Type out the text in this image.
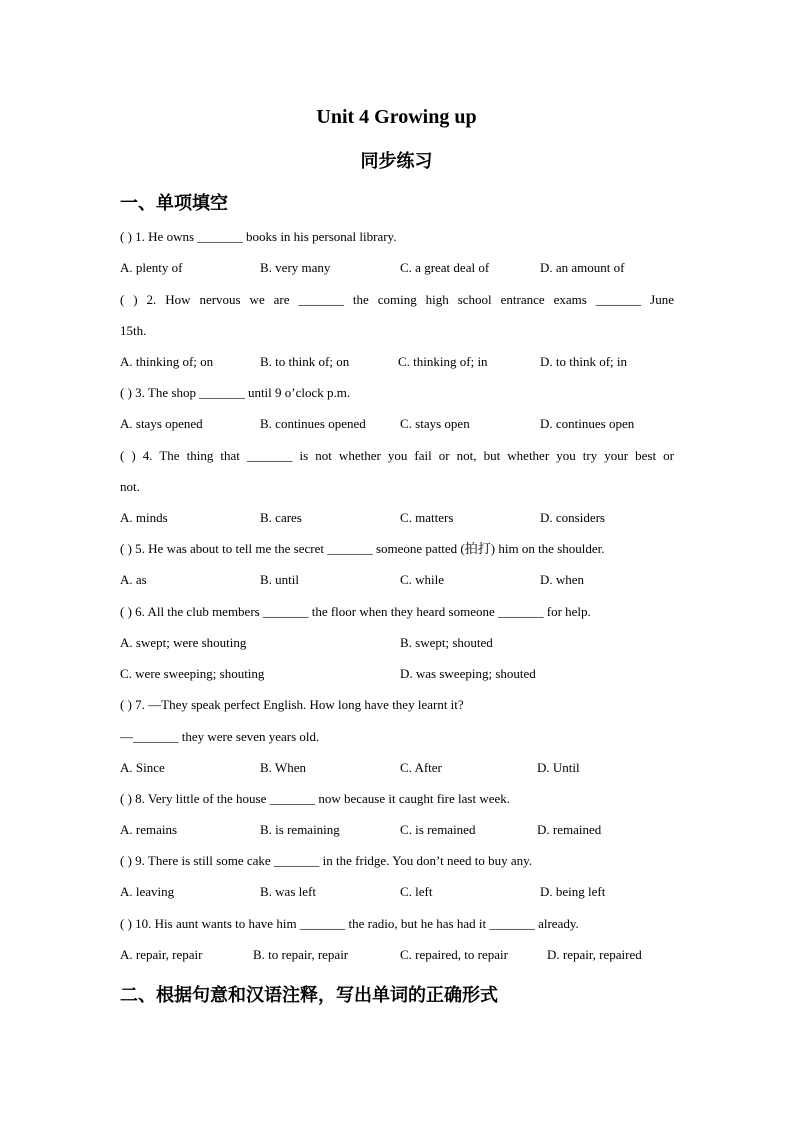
Unit 4 Growing up
同步练习
一、单项填空
( ) 1. He owns _______ books in his personal library.
A. plenty of	B. very many	C. a great deal of	D. an amount of
( ) 2. How nervous we are _______ the coming high school entrance exams _______ June
15th.
A. thinking of; on	B. to think of; on	C. thinking of; in	D. to think of; in
( ) 3. The shop _______ until 9 o’clock p.m.
A. stays opened	B. continues opened	C. stays open	D. continues open
( ) 4. The thing that _______ is not whether you fail or not, but whether you try your best or
not.
A. minds	B. cares	C. matters	D. considers
( ) 5. He was about to tell me the secret _______ someone patted (拍打) him on the shoulder.
A. as	B. until	C. while	D. when
( ) 6. All the club members _______ the floor when they heard someone _______ for help.
A. swept; were shouting	B. swept; shouted
C. were sweeping; shouting	D. was sweeping; shouted
( ) 7. —They speak perfect English. How long have they learnt it?
—_______ they were seven years old.
A. Since	B. When	C. After	D. Until
( ) 8. Very little of the house _______ now because it caught fire last week.
A. remains	B. is remaining	C. is remained	D. remained
( ) 9. There is still some cake _______ in the fridge. You don’t need to buy any.
A. leaving	B. was left	C. left	D. being left
( ) 10. His aunt wants to have him _______ the radio, but he has had it _______ already.
A. repair, repair	B. to repair, repair	C. repaired, to repair	D. repair, repaired
二、根据句意和汉语注释，写出单词的正确形式
